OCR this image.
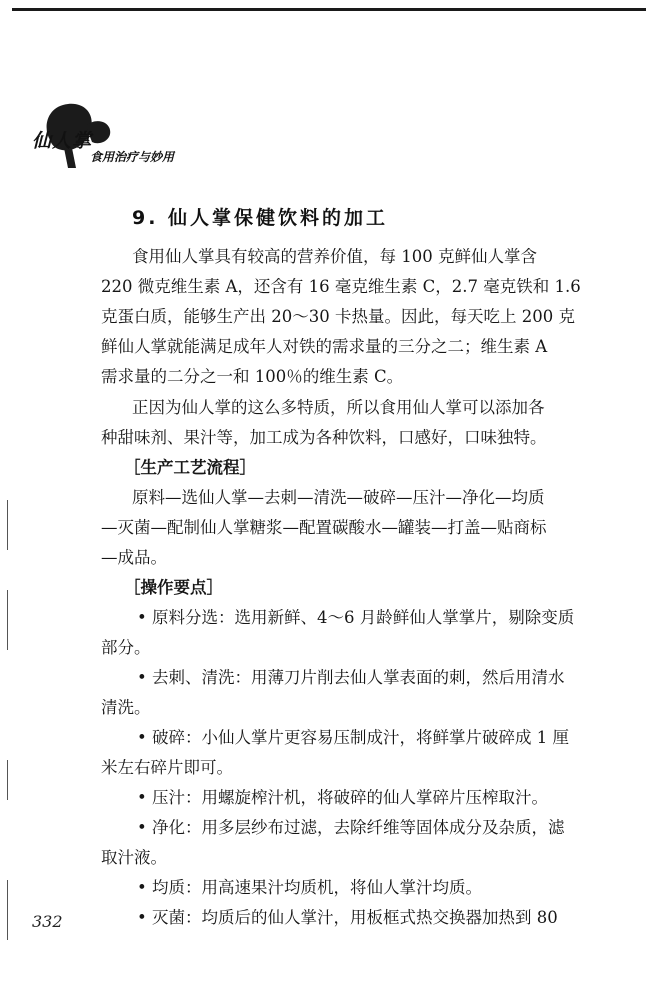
仙人掌
食用治疗与妙用
9. 仙人掌保健饮料的加工
食用仙人掌具有较高的营养价值，每 100 克鲜仙人掌含
220 微克维生素 A，还含有 16 毫克维生素 C，2.7 毫克铁和 1.6
克蛋白质，能够生产出 20～30 卡热量。因此，每天吃上 200 克
鲜仙人掌就能满足成年人对铁的需求量的三分之二；维生素 A
需求量的二分之一和 100％的维生素 C。
正因为仙人掌的这么多特质，所以食用仙人掌可以添加各
种甜味剂、果汁等，加工成为各种饮料，口感好，口味独特。
［生产工艺流程］
原料—选仙人掌—去刺—清洗—破碎—压汁—净化—均质
—灭菌—配制仙人掌糖浆—配置碳酸水—罐装—打盖—贴商标
—成品。
［操作要点］
• 原料分选：选用新鲜、4～6 月龄鲜仙人掌掌片，剔除变质
部分。
• 去刺、清洗：用薄刀片削去仙人掌表面的刺，然后用清水
清洗。
• 破碎：小仙人掌片更容易压制成汁，将鲜掌片破碎成 1 厘
米左右碎片即可。
• 压汁：用螺旋榨汁机，将破碎的仙人掌碎片压榨取汁。
• 净化：用多层纱布过滤，去除纤维等固体成分及杂质，滤
取汁液。
• 均质：用高速果汁均质机，将仙人掌汁均质。
• 灭菌：均质后的仙人掌汁，用板框式热交换器加热到 80
332
